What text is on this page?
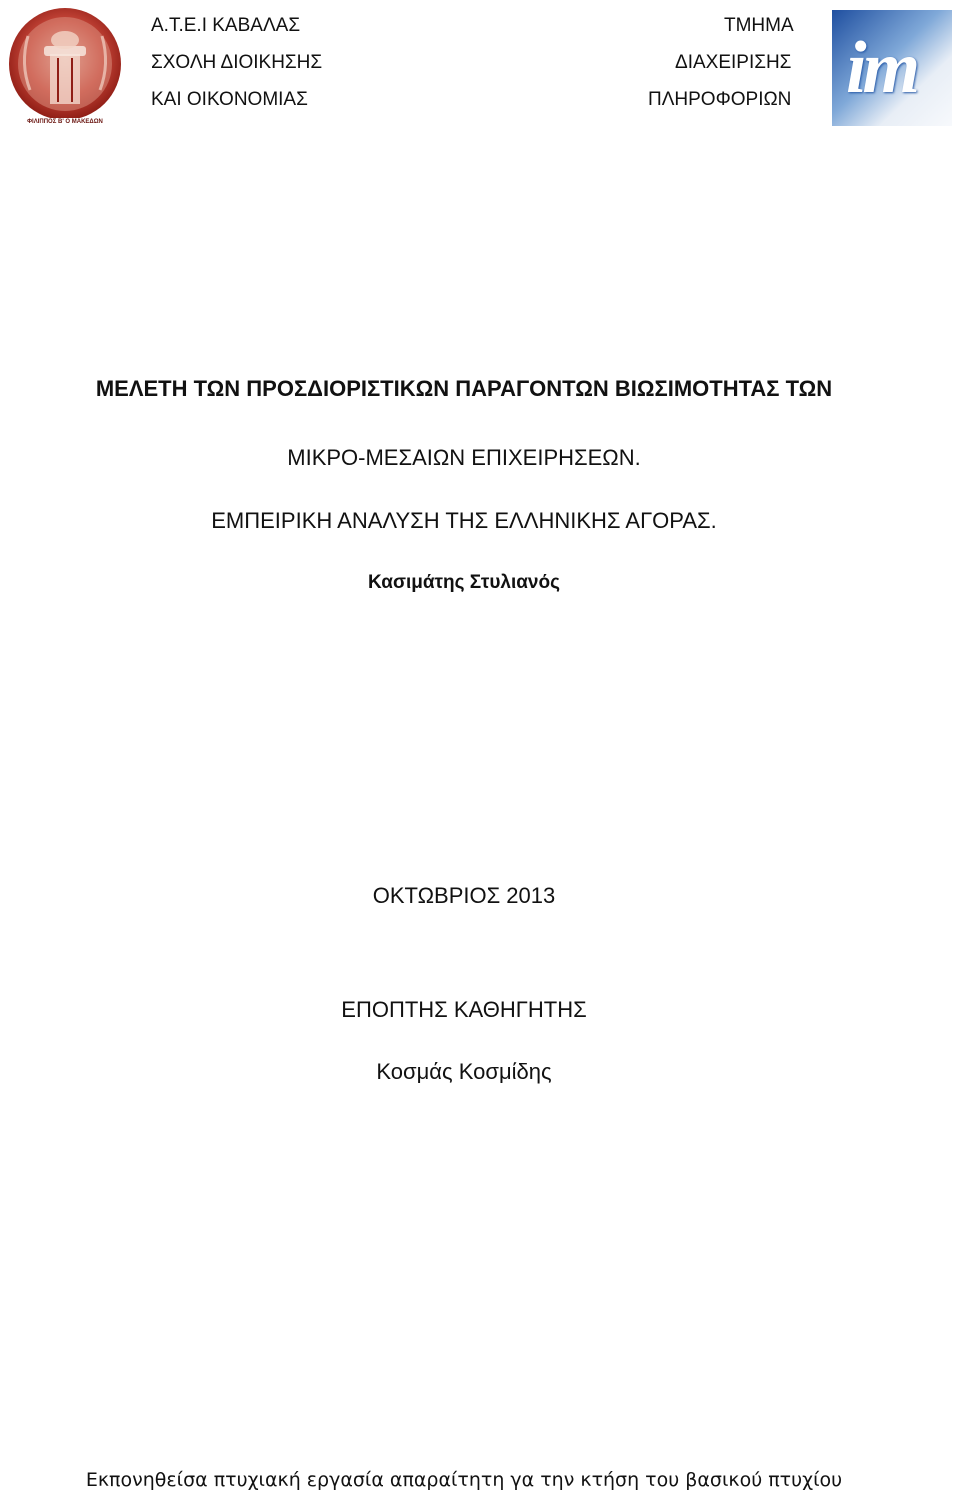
ΦΙΛΙΠΠΟΣ Β' Ο ΜΑΚΕΔΩΝ
Α.Τ.Ε.Ι ΚΑΒΑΛΑΣ
ΣΧΟΛΗ ΔΙΟΙΚΗΣΗΣ
ΚΑΙ ΟΙΚΟΝΟΜΙΑΣ
ΤΜΗΜΑ
ΔΙΑΧΕΙΡΙΣΗΣ
ΠΛΗΡΟΦΟΡΙΩΝ im
ΜΕΛΕΤΗ ΤΩΝ ΠΡΟΣΔΙΟΡΙΣΤΙΚΩΝ ΠΑΡΑΓΟΝΤΩΝ ΒΙΩΣΙΜΟΤΗΤΑΣ ΤΩΝ
ΜΙΚΡΟ-ΜΕΣΑΙΩΝ ΕΠΙΧΕΙΡΗΣΕΩΝ.
ΕΜΠΕΙΡΙΚΗ ΑΝΑΛΥΣΗ ΤΗΣ ΕΛΛΗΝΙΚΗΣ ΑΓΟΡΑΣ.
Κασιμάτης Στυλιανός
ΟΚΤΩΒΡΙΟΣ 2013
ΕΠΟΠΤΗΣ ΚΑΘΗΓΗΤΗΣ
Κοσμάς Κοσμίδης
Εκπονηθείσα πτυχιακή εργασία απαραίτητη γα την κτήση του βασικού πτυχίου
